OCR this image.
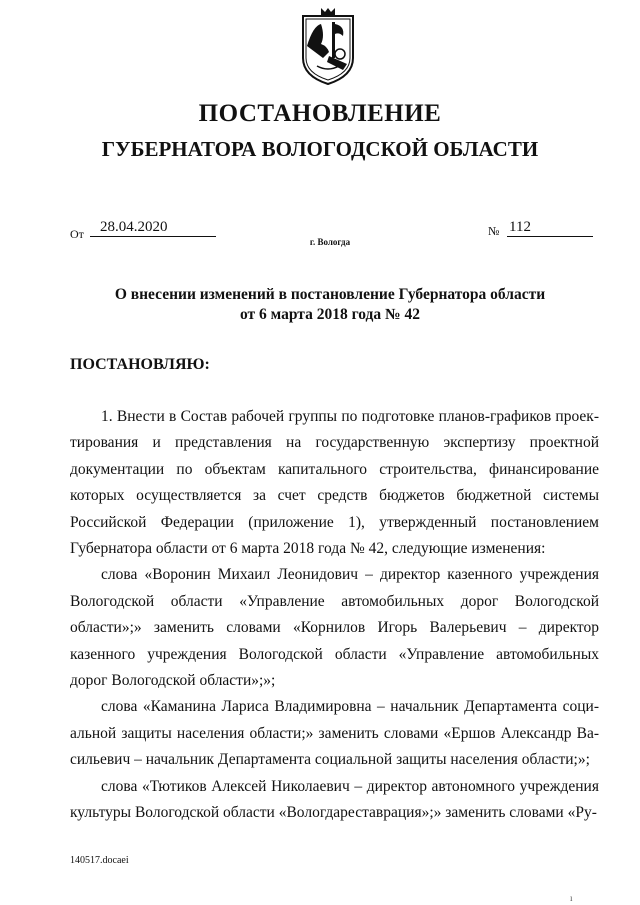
ПОСТАНОВЛЕНИЕ
ГУБЕРНАТОРА ВОЛОГОДСКОЙ ОБЛАСТИ
От	28.04.2020	№ 112
г. Вологда
О внесении изменений в постановление Губернатора области
от 6 марта 2018 года № 42
ПОСТАНОВЛЯЮ:

1. Внести в Состав рабочей группы по подготовке планов-графиков проектирования и представления на государственную экспертизу проектной документации по объектам капитального строительства, финансирование которых осуществляется за счет средств бюджетов бюджетной системы Российской Федерации (приложение 1), утвержденный постановлением Губернатора области от 6 марта 2018 года № 42, следующие изменения:

слова «Воронин Михаил Леонидович – директор казенного учреждения Вологодской области «Управление автомобильных дорог Вологодской области»;» заменить словами «Корнилов Игорь Валерьевич – директор казенного учреждения Вологодской области «Управление автомобильных дорог Вологодской области»;»;

слова «Каманина Лариса Владимировна – начальник Департамента социальной защиты населения области;» заменить словами «Ершов Александр Васильевич – начальник Департамента социальной защиты населения области;»;

слова «Тютиков Алексей Николаевич – директор автономного учреждения культуры Вологодской области «Вологдареставрация»;» заменить словами «Ру-

140517.docaei
ı
